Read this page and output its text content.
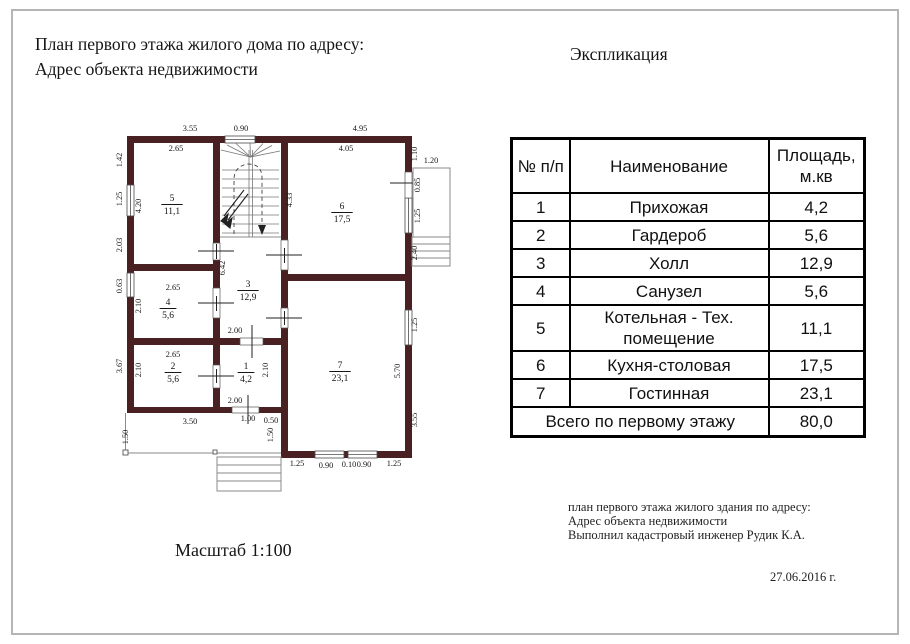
План первого этажа жилого дома по адресу:
Адрес объекта недвижимости
Экспликация
№ п/п	Наименование	Площадь, м.кв
1	Прихожая	4,2
2	Гардероб	5,6
3	Холл	12,9
4	Санузел	5,6
5	Котельная - Тех. помещение	11,1
6	Кухня-столовая	17,5
7	Гостинная	23,1
Всего по первому этажу		80,0
3.55	0.90	4.95
2.65	4.05
1.20
1.42
1.25
2.03
0.63
3.67
4.20
2.10
2.10
6.42
4.33
2.10
1.10
0.85
1.25
2.40
1.25
5.70
3.55
2.65
2.65
2.00
2.00
3.50	1.00 0.50
1.50	1.50
1.25 0.90 0.10 0.90 1.25
5
11,1
4
5,6
2
5,6
3
12,9
1
4,2
6
17,5
7
23,1
Масштаб 1:100
план первого этажа жилого здания по адресу:
Адрес объекта недвижимости
Выполнил кадастровый инженер Рудик К.А.
27.06.2016 г.
